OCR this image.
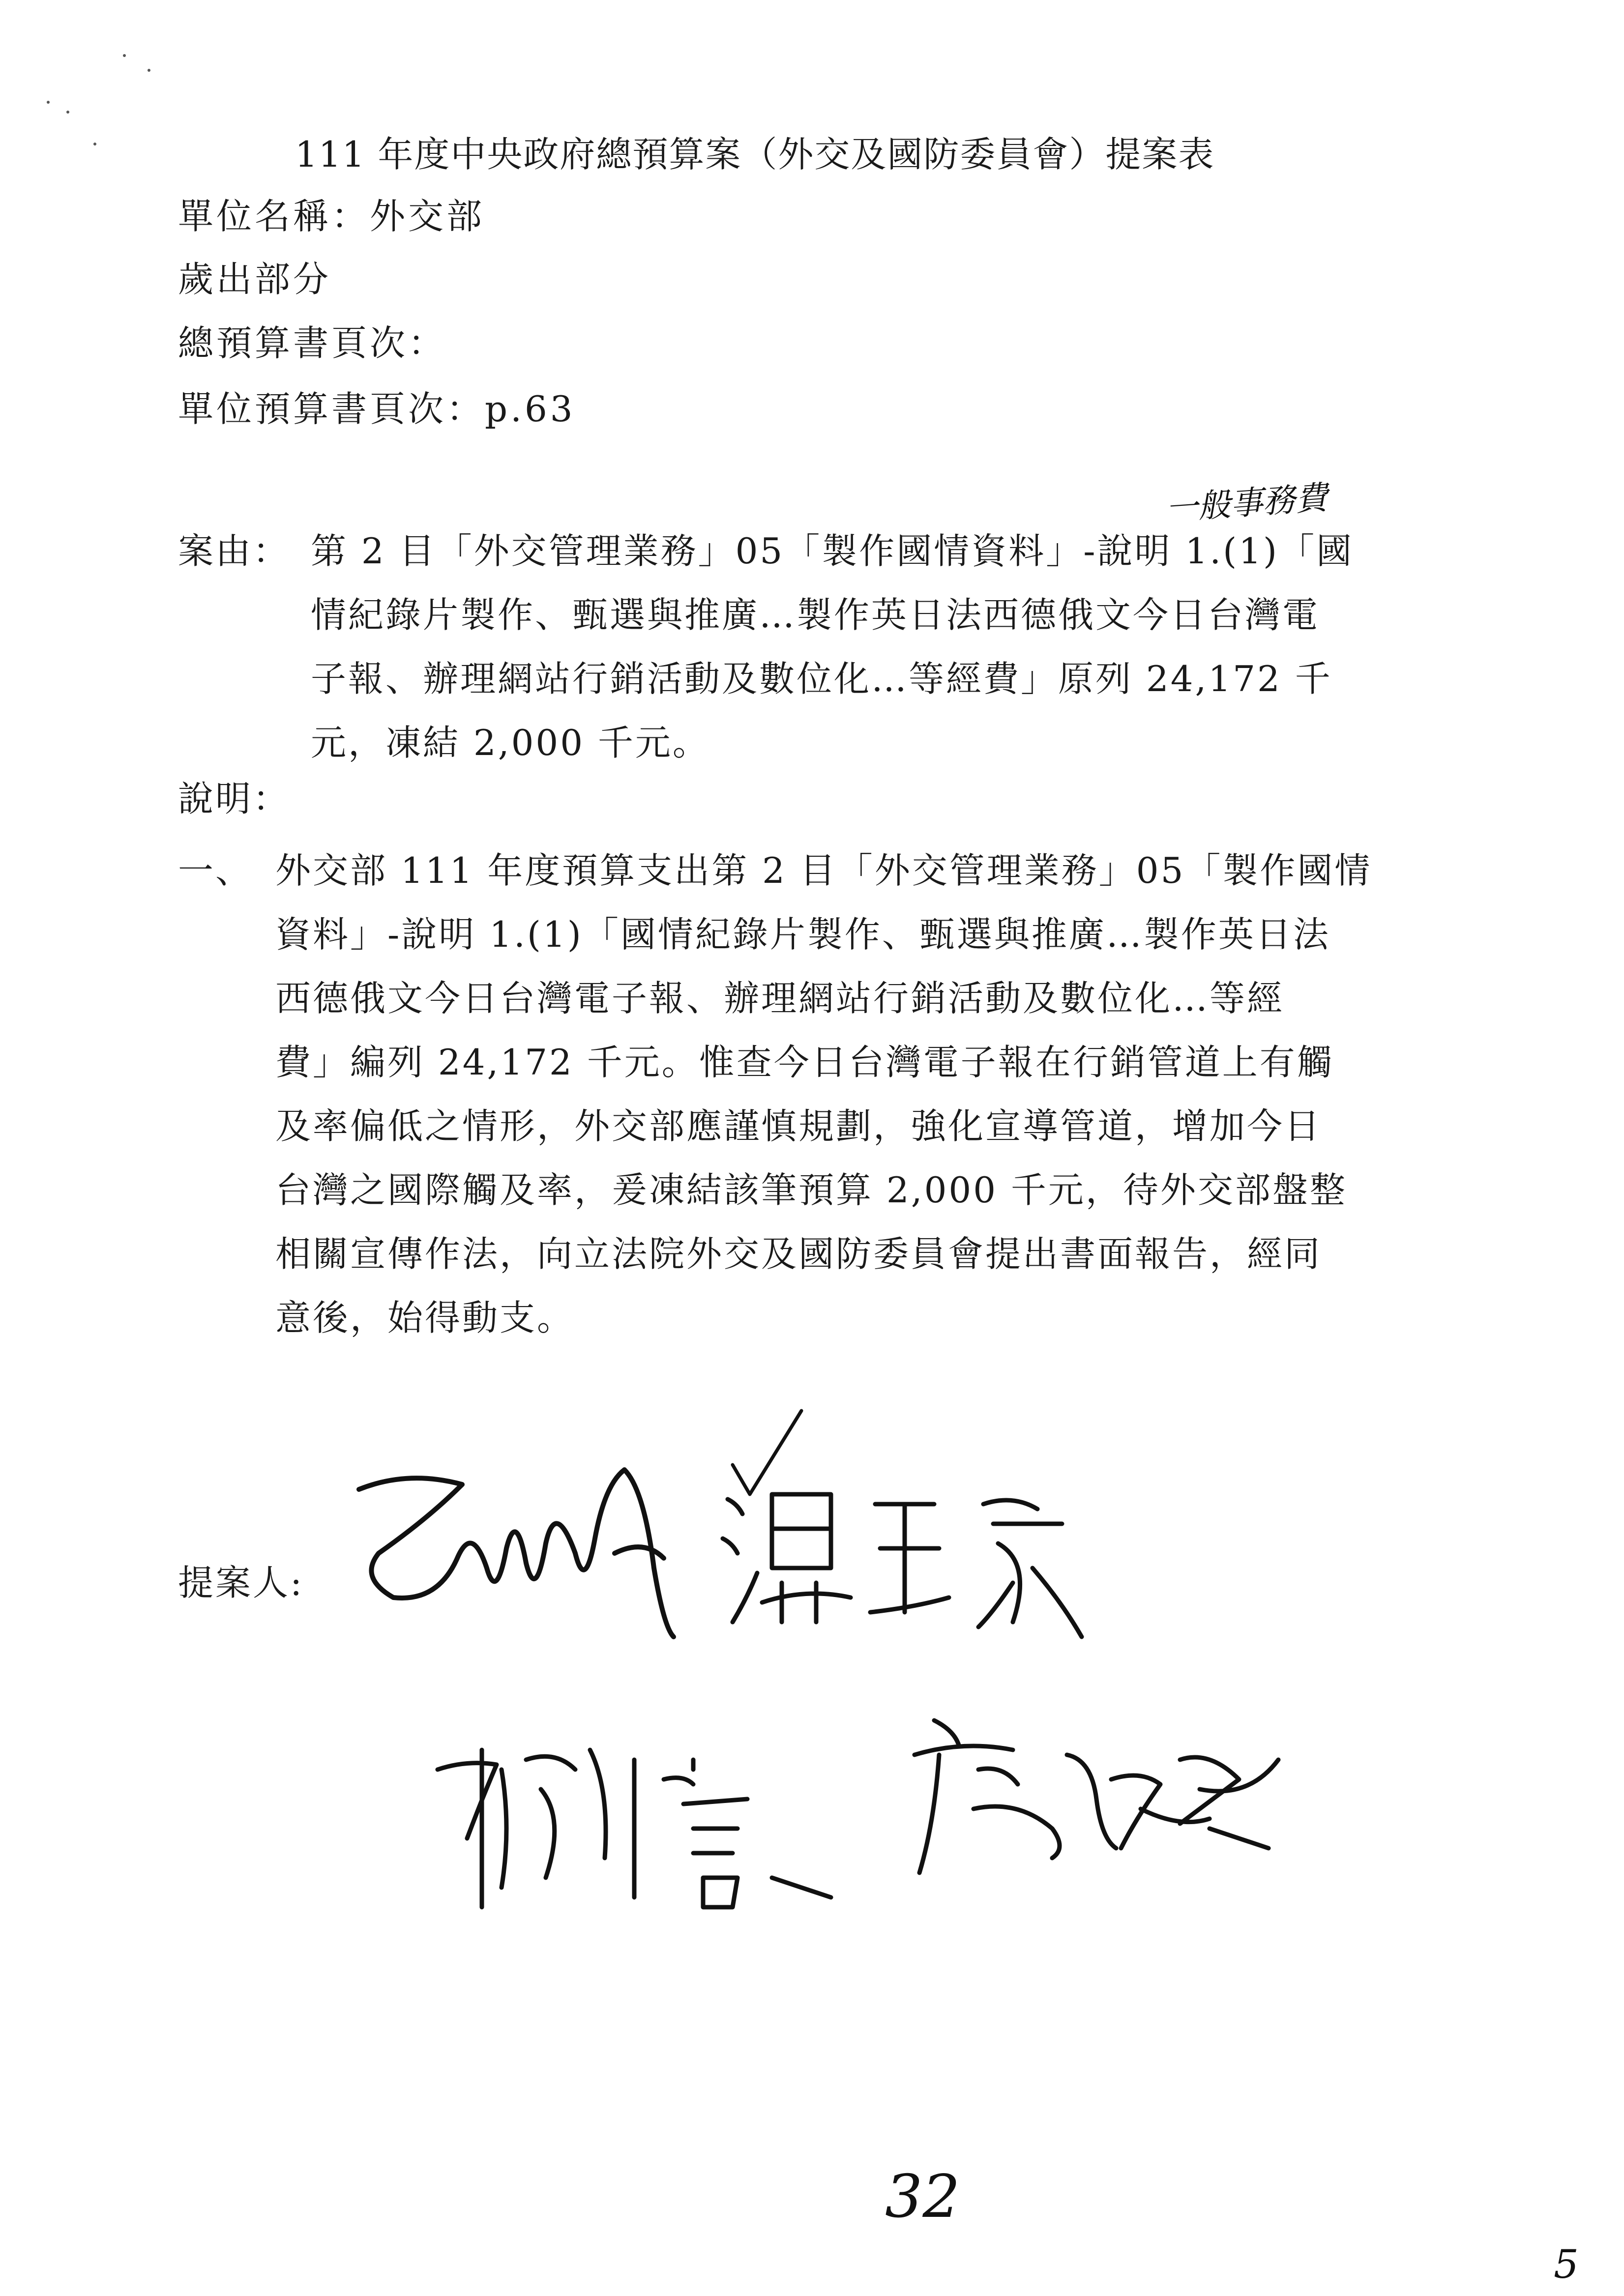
111 年度中央政府總預算案（外交及國防委員會）提案表
單位名稱：外交部
歲出部分
總預算書頁次：
單位預算書頁次：p.63
一般事務費
案由： 第 2 目「外交管理業務」05「製作國情資料」-說明 1.(1)「國
情紀錄片製作、甄選與推廣…製作英日法西德俄文今日台灣電
子報、辦理網站行銷活動及數位化…等經費」原列 24,172 千
元，凍結 2,000 千元。
說明：
一、 外交部 111 年度預算支出第 2 目「外交管理業務」05「製作國情
資料」-說明 1.(1)「國情紀錄片製作、甄選與推廣…製作英日法
西德俄文今日台灣電子報、辦理網站行銷活動及數位化…等經
費」編列 24,172 千元。惟查今日台灣電子報在行銷管道上有觸
及率偏低之情形，外交部應謹慎規劃，強化宣導管道，增加今日
台灣之國際觸及率，爰凍結該筆預算 2,000 千元，待外交部盤整
相關宣傳作法，向立法院外交及國防委員會提出書面報告，經同
意後，始得動支。
提案人:
32
5
